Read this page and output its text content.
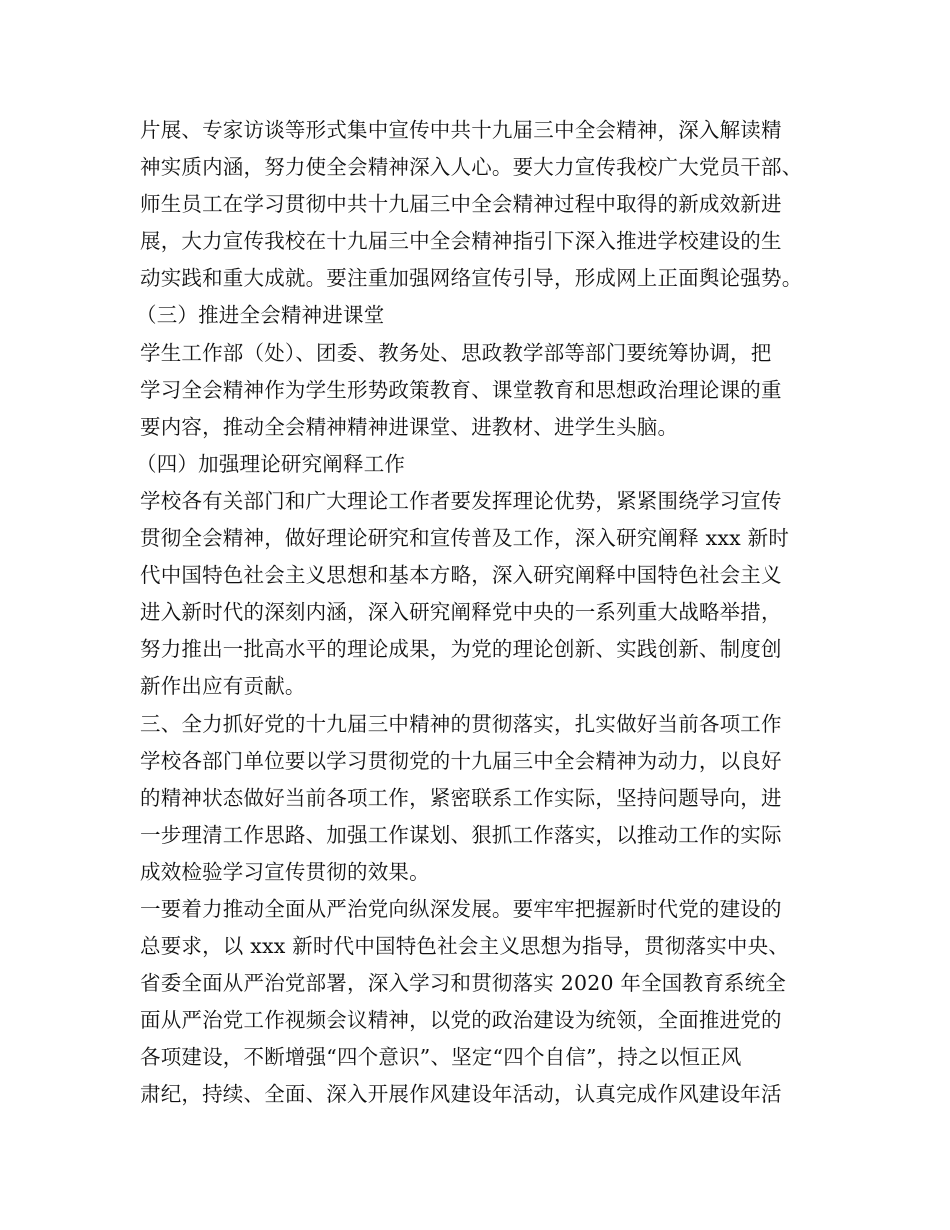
片展、专家访谈等形式集中宣传中共十九届三中全会精神，深入解读精
神实质内涵，努力使全会精神深入人心。要大力宣传我校广大党员干部、
师生员工在学习贯彻中共十九届三中全会精神过程中取得的新成效新进
展，大力宣传我校在十九届三中全会精神指引下深入推进学校建设的生
动实践和重大成就。要注重加强网络宣传引导，形成网上正面舆论强势。
（三）推进全会精神进课堂
学生工作部（处）、团委、教务处、思政教学部等部门要统筹协调，把
学习全会精神作为学生形势政策教育、课堂教育和思想政治理论课的重
要内容，推动全会精神精神进课堂、进教材、进学生头脑。
（四）加强理论研究阐释工作
学校各有关部门和广大理论工作者要发挥理论优势，紧紧围绕学习宣传
贯彻全会精神，做好理论研究和宣传普及工作，深入研究阐释 xxx 新时
代中国特色社会主义思想和基本方略，深入研究阐释中国特色社会主义
进入新时代的深刻内涵，深入研究阐释党中央的一系列重大战略举措，
努力推出一批高水平的理论成果，为党的理论创新、实践创新、制度创
新作出应有贡献。
三、全力抓好党的十九届三中精神的贯彻落实，扎实做好当前各项工作
学校各部门单位要以学习贯彻党的十九届三中全会精神为动力，以良好
的精神状态做好当前各项工作，紧密联系工作实际，坚持问题导向，进
一步理清工作思路、加强工作谋划、狠抓工作落实，以推动工作的实际
成效检验学习宣传贯彻的效果。
一要着力推动全面从严治党向纵深发展。要牢牢把握新时代党的建设的
总要求，以 xxx 新时代中国特色社会主义思想为指导，贯彻落实中央、
省委全面从严治党部署，深入学习和贯彻落实 2020 年全国教育系统全
面从严治党工作视频会议精神，以党的政治建设为统领，全面推进党的
各项建设，不断增强“四个意识”、坚定“四个自信”，持之以恒正风
肃纪，持续、全面、深入开展作风建设年活动，认真完成作风建设年活
